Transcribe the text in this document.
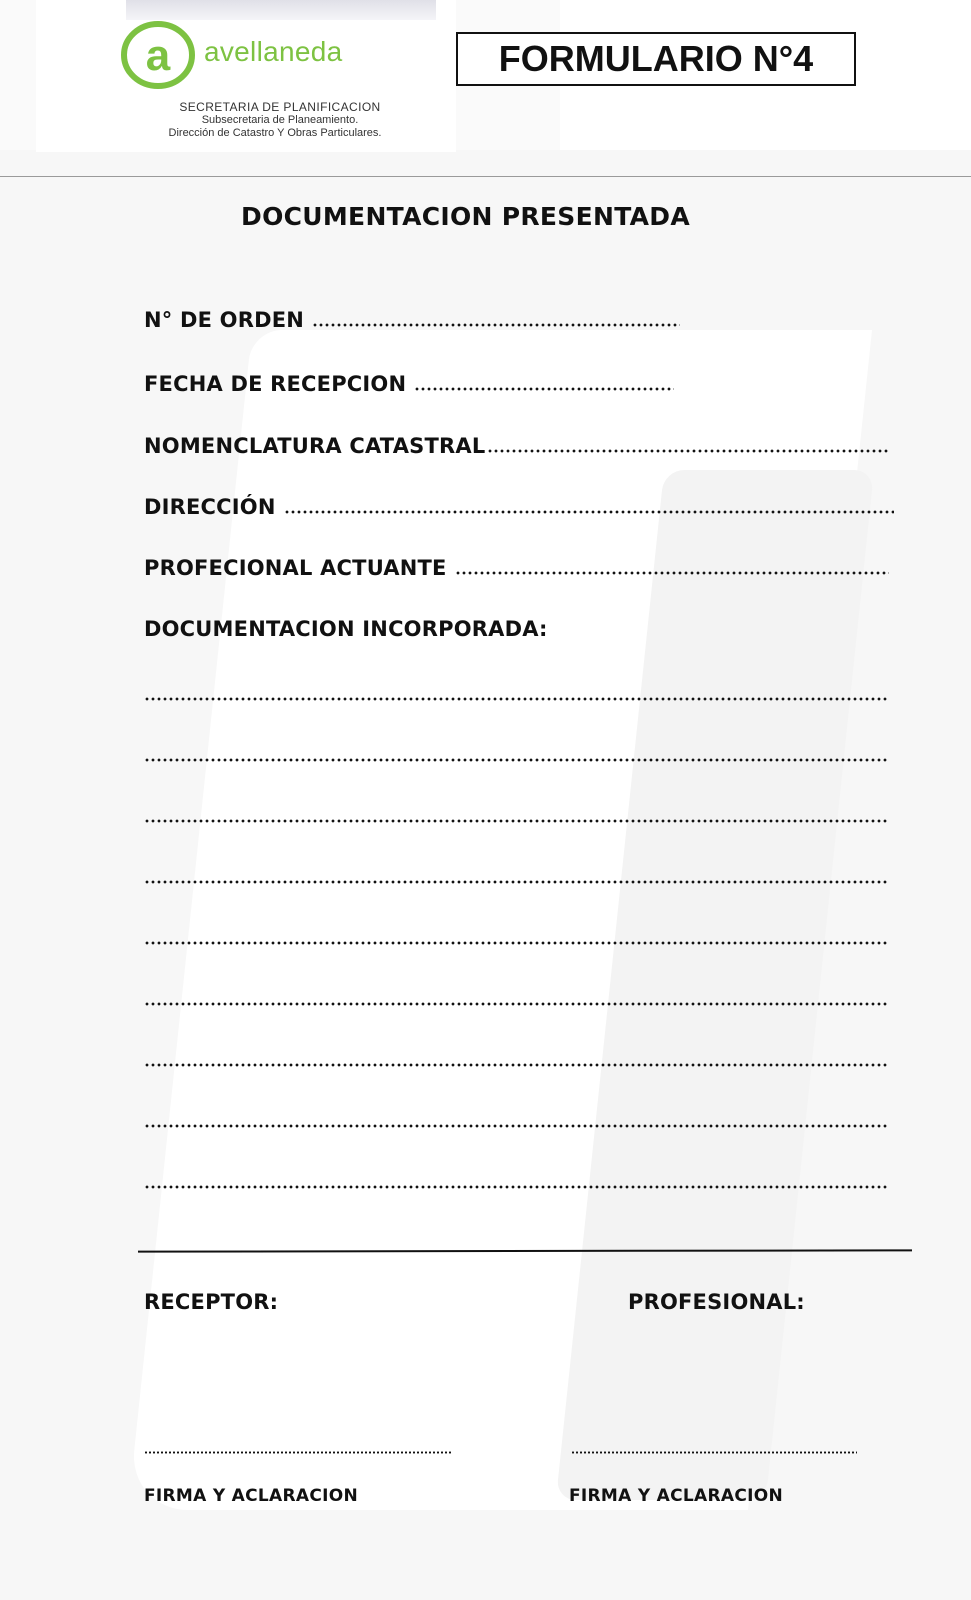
a avellaneda
SECRETARIA DE PLANIFICACION
Subsecretaria de Planeamiento.
Dirección de Catastro Y Obras Particulares.
FORMULARIO N°4
DOCUMENTACION PRESENTADA
N° DE ORDEN
FECHA DE RECEPCION
NOMENCLATURA CATASTRAL
DIRECCIÓN
PROFECIONAL ACTUANTE
DOCUMENTACION INCORPORADA:
RECEPTOR:	PROFESIONAL:
FIRMA Y ACLARACION	FIRMA Y ACLARACION
